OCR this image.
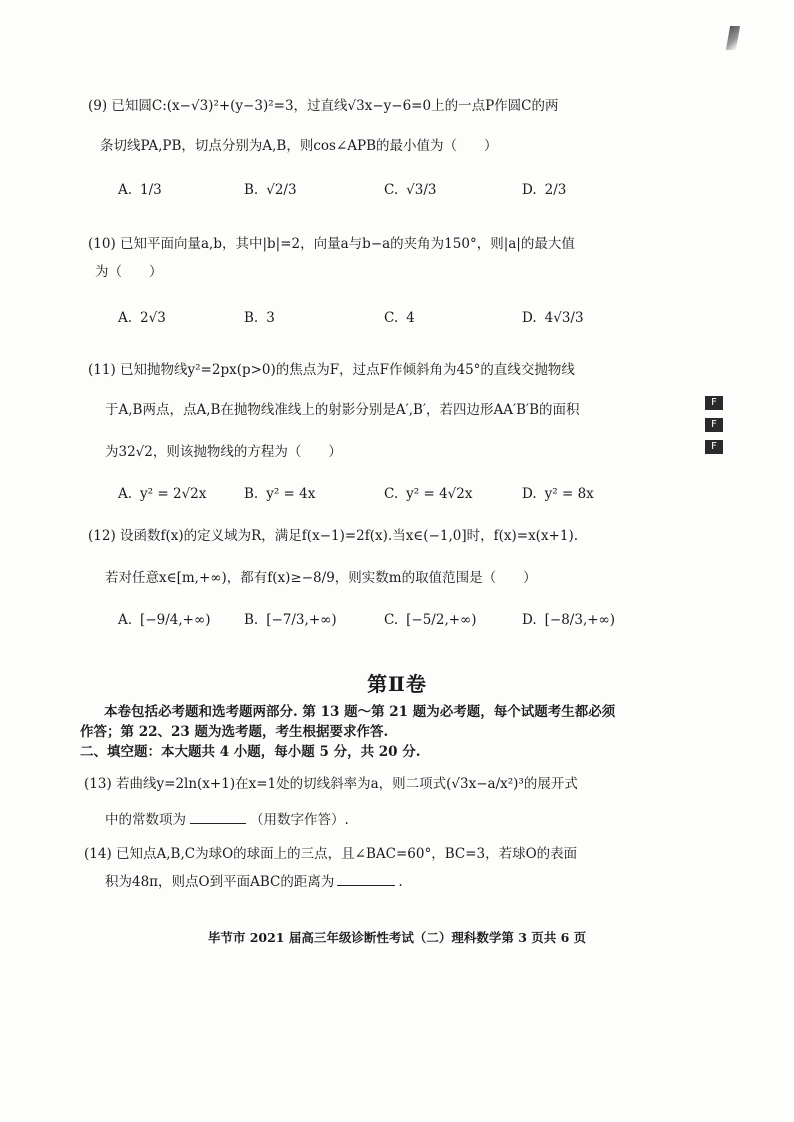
(9) 已知圆C:(x−√3)²+(y−3)²=3，过直线√3x−y−6=0上的一点P作圆C的两
条切线PA,PB，切点分别为A,B，则cos∠APB的最小值为（　　）
A. 1/3	B. √2/3	C. √3/3	D. 2/3
(10) 已知平面向量a,b，其中|b|=2，向量a与b−a的夹角为150°，则|a|的最大值
为（　　）
A. 2√3	B. 3	C. 4	D. 4√3/3
(11) 已知抛物线y²=2px(p>0)的焦点为F，过点F作倾斜角为45°的直线交抛物线
于A,B两点，点A,B在抛物线准线上的射影分别是A′,B′，若四边形AA′B′B的面积
为32√2，则该抛物线的方程为（　　）
A. y² = 2√2x	B. y² = 4x	C. y² = 4√2x	D. y² = 8x
(12) 设函数f(x)的定义域为R，满足f(x−1)=2f(x).当x∈(−1,0]时，f(x)=x(x+1).
若对任意x∈[m,+∞)，都有f(x)≥−8/9，则实数m的取值范围是（　　）
A. [−9/4,+∞) B. [−7/3,+∞)	C. [−5/2,+∞)	D. [−8/3,+∞)
第Ⅱ卷
本卷包括必考题和选考题两部分. 第 13 题～第 21 题为必考题，每个试题考生都必须
作答；第 22、23 题为选考题，考生根据要求作答.
二、填空题：本大题共 4 小题，每小题 5 分，共 20 分.
(13) 若曲线y=2ln(x+1)在x=1处的切线斜率为a，则二项式(√3x−a/x²)³的展开式
中的常数项为	（用数字作答）.
(14) 已知点A,B,C为球O的球面上的三点，且∠BAC=60°，BC=3，若球O的表面
积为48π，则点O到平面ABC的距离为	.
毕节市 2021 届高三年级诊断性考试（二）理科数学第 3 页共 6 页
F
F
F
